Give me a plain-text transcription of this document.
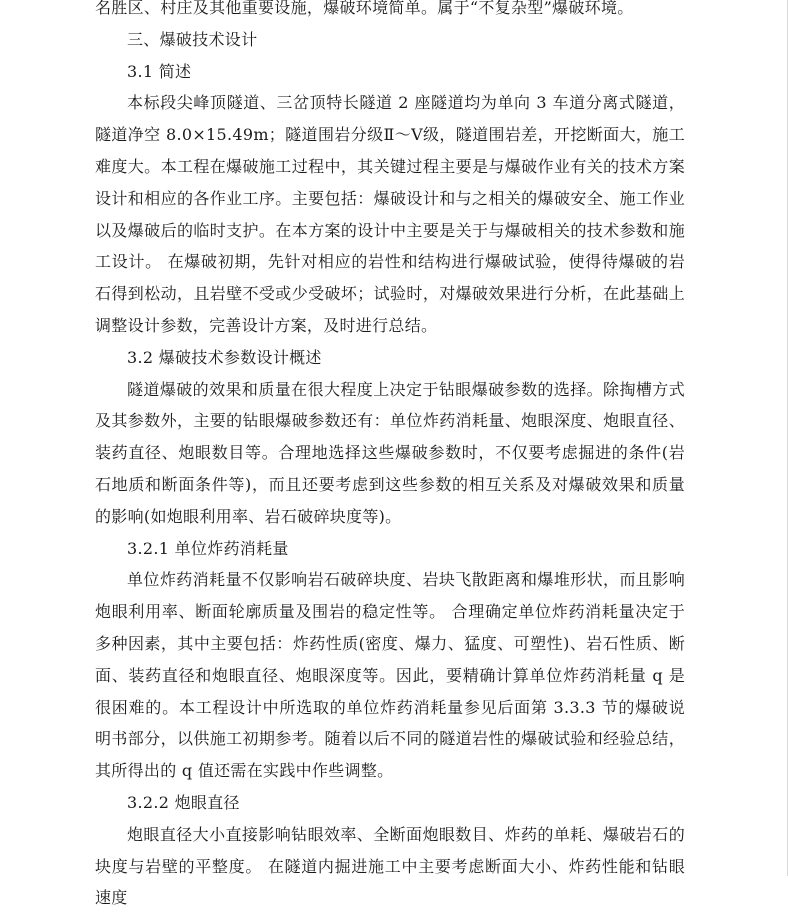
名胜区、村庄及其他重要设施，爆破环境简单。属于“不复杂型”爆破环境。

三、爆破技术设计

3.1 简述

本标段尖峰顶隧道、三岔顶特长隧道 2 座隧道均为单向 3 车道分离式隧道，隧道净空 8.0×15.49m；隧道围岩分级Ⅱ～Ⅴ级，隧道围岩差，开挖断面大，施工难度大。本工程在爆破施工过程中，其关键过程主要是与爆破作业有关的技术方案设计和相应的各作业工序。主要包括：爆破设计和与之相关的爆破安全、施工作业以及爆破后的临时支护。在本方案的设计中主要是关于与爆破相关的技术参数和施工设计。 在爆破初期，先针对相应的岩性和结构进行爆破试验，使得待爆破的岩石得到松动，且岩壁不受或少受破坏；试验时，对爆破效果进行分析，在此基础上调整设计参数，完善设计方案，及时进行总结。

3.2 爆破技术参数设计概述

隧道爆破的效果和质量在很大程度上决定于钻眼爆破参数的选择。除掏槽方式及其参数外，主要的钻眼爆破参数还有：单位炸药消耗量、炮眼深度、炮眼直径、装药直径、炮眼数目等。合理地选择这些爆破参数时，不仅要考虑掘进的条件(岩石地质和断面条件等)，而且还要考虑到这些参数的相互关系及对爆破效果和质量的影响(如炮眼利用率、岩石破碎块度等)。

3.2.1 单位炸药消耗量

单位炸药消耗量不仅影响岩石破碎块度、岩块飞散距离和爆堆形状，而且影响炮眼利用率、断面轮廓质量及围岩的稳定性等。 合理确定单位炸药消耗量决定于多种因素，其中主要包括：炸药性质(密度、爆力、猛度、可塑性)、岩石性质、断面、装药直径和炮眼直径、炮眼深度等。因此，要精确计算单位炸药消耗量 q 是很困难的。本工程设计中所选取的单位炸药消耗量参见后面第 3.3.3 节的爆破说明书部分，以供施工初期参考。随着以后不同的隧道岩性的爆破试验和经验总结，其所得出的 q 值还需在实践中作些调整。

3.2.2 炮眼直径

炮眼直径大小直接影响钻眼效率、全断面炮眼数目、炸药的单耗、爆破岩石的块度与岩壁的平整度。 在隧道内掘进施工中主要考虑断面大小、炸药性能和钻眼速度
